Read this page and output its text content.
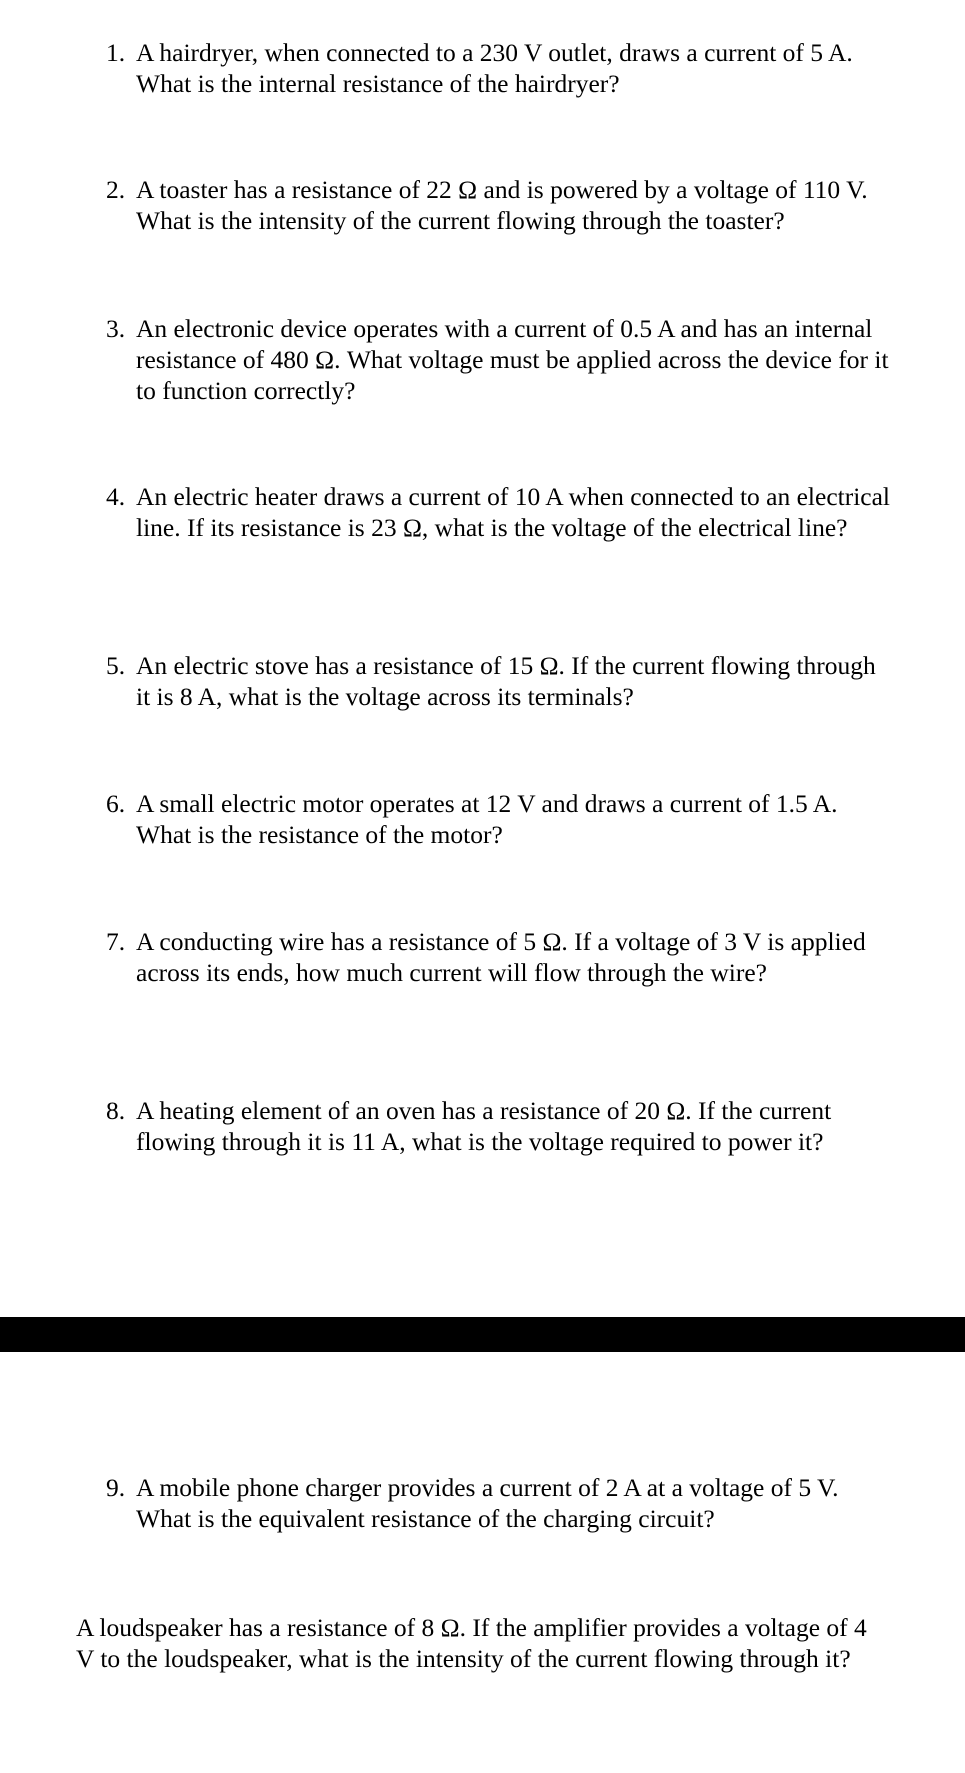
1. A hairdryer, when connected to a 230 V outlet, draws a current of 5 A. What is the internal resistance of the hairdryer?
2. A toaster has a resistance of 22 Ω and is powered by a voltage of 110 V. What is the intensity of the current flowing through the toaster?
3. An electronic device operates with a current of 0.5 A and has an internal resistance of 480 Ω. What voltage must be applied across the device for it to function correctly?
4. An electric heater draws a current of 10 A when connected to an electrical line. If its resistance is 23 Ω, what is the voltage of the electrical line?
5. An electric stove has a resistance of 15 Ω. If the current flowing through it is 8 A, what is the voltage across its terminals?
6. A small electric motor operates at 12 V and draws a current of 1.5 A. What is the resistance of the motor?
7. A conducting wire has a resistance of 5 Ω. If a voltage of 3 V is applied across its ends, how much current will flow through the wire?
8. A heating element of an oven has a resistance of 20 Ω. If the current flowing through it is 11 A, what is the voltage required to power it?
9. A mobile phone charger provides a current of 2 A at a voltage of 5 V. What is the equivalent resistance of the charging circuit?
A loudspeaker has a resistance of 8 Ω. If the amplifier provides a voltage of 4 V to the loudspeaker, what is the intensity of the current flowing through it?
